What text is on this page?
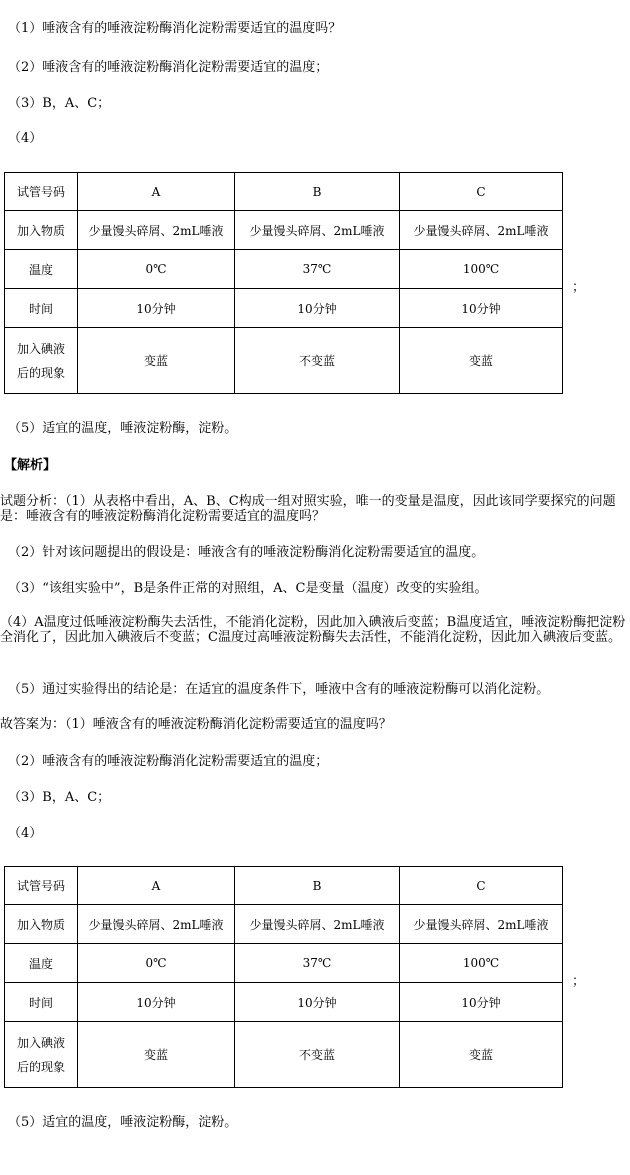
（1）唾液含有的唾液淀粉酶消化淀粉需要适宜的温度吗？
（2）唾液含有的唾液淀粉酶消化淀粉需要适宜的温度；
（3）B，A、C；
（4）
试管号码	A	B	C
加入物质	少量馒头碎屑、2mL唾液	少量馒头碎屑、2mL唾液	少量馒头碎屑、2mL唾液
温度	0℃	37℃	100℃
时间	10分钟	10分钟	10分钟

加入碘液
后的现象	变蓝	不变蓝	变蓝
；
（5）适宜的温度，唾液淀粉酶，淀粉。
【解析】
试题分析：（1）从表格中看出，A、B、C构成一组对照实验，唯一的变量是温度，因此该同学要探究的问题是：唾液含有的唾液淀粉酶消化淀粉需要适宜的温度吗？
（2）针对该问题提出的假设是：唾液含有的唾液淀粉酶消化淀粉需要适宜的温度。
（3）“该组实验中”，B是条件正常的对照组，A、C是变量（温度）改变的实验组。
（4）A温度过低唾液淀粉酶失去活性，不能消化淀粉，因此加入碘液后变蓝；B温度适宜，唾液淀粉酶把淀粉全消化了，因此加入碘液后不变蓝；C温度过高唾液淀粉酶失去活性，不能消化淀粉，因此加入碘液后变蓝。
（5）通过实验得出的结论是：在适宜的温度条件下，唾液中含有的唾液淀粉酶可以消化淀粉。
故答案为：（1）唾液含有的唾液淀粉酶消化淀粉需要适宜的温度吗？
（2）唾液含有的唾液淀粉酶消化淀粉需要适宜的温度；
（3）B，A、C；
（4）
试管号码	A	B	C
加入物质	少量馒头碎屑、2mL唾液	少量馒头碎屑、2mL唾液	少量馒头碎屑、2mL唾液
温度	0℃	37℃	100℃
时间	10分钟	10分钟	10分钟

加入碘液
后的现象	变蓝	不变蓝	变蓝
；
（5）适宜的温度，唾液淀粉酶，淀粉。
